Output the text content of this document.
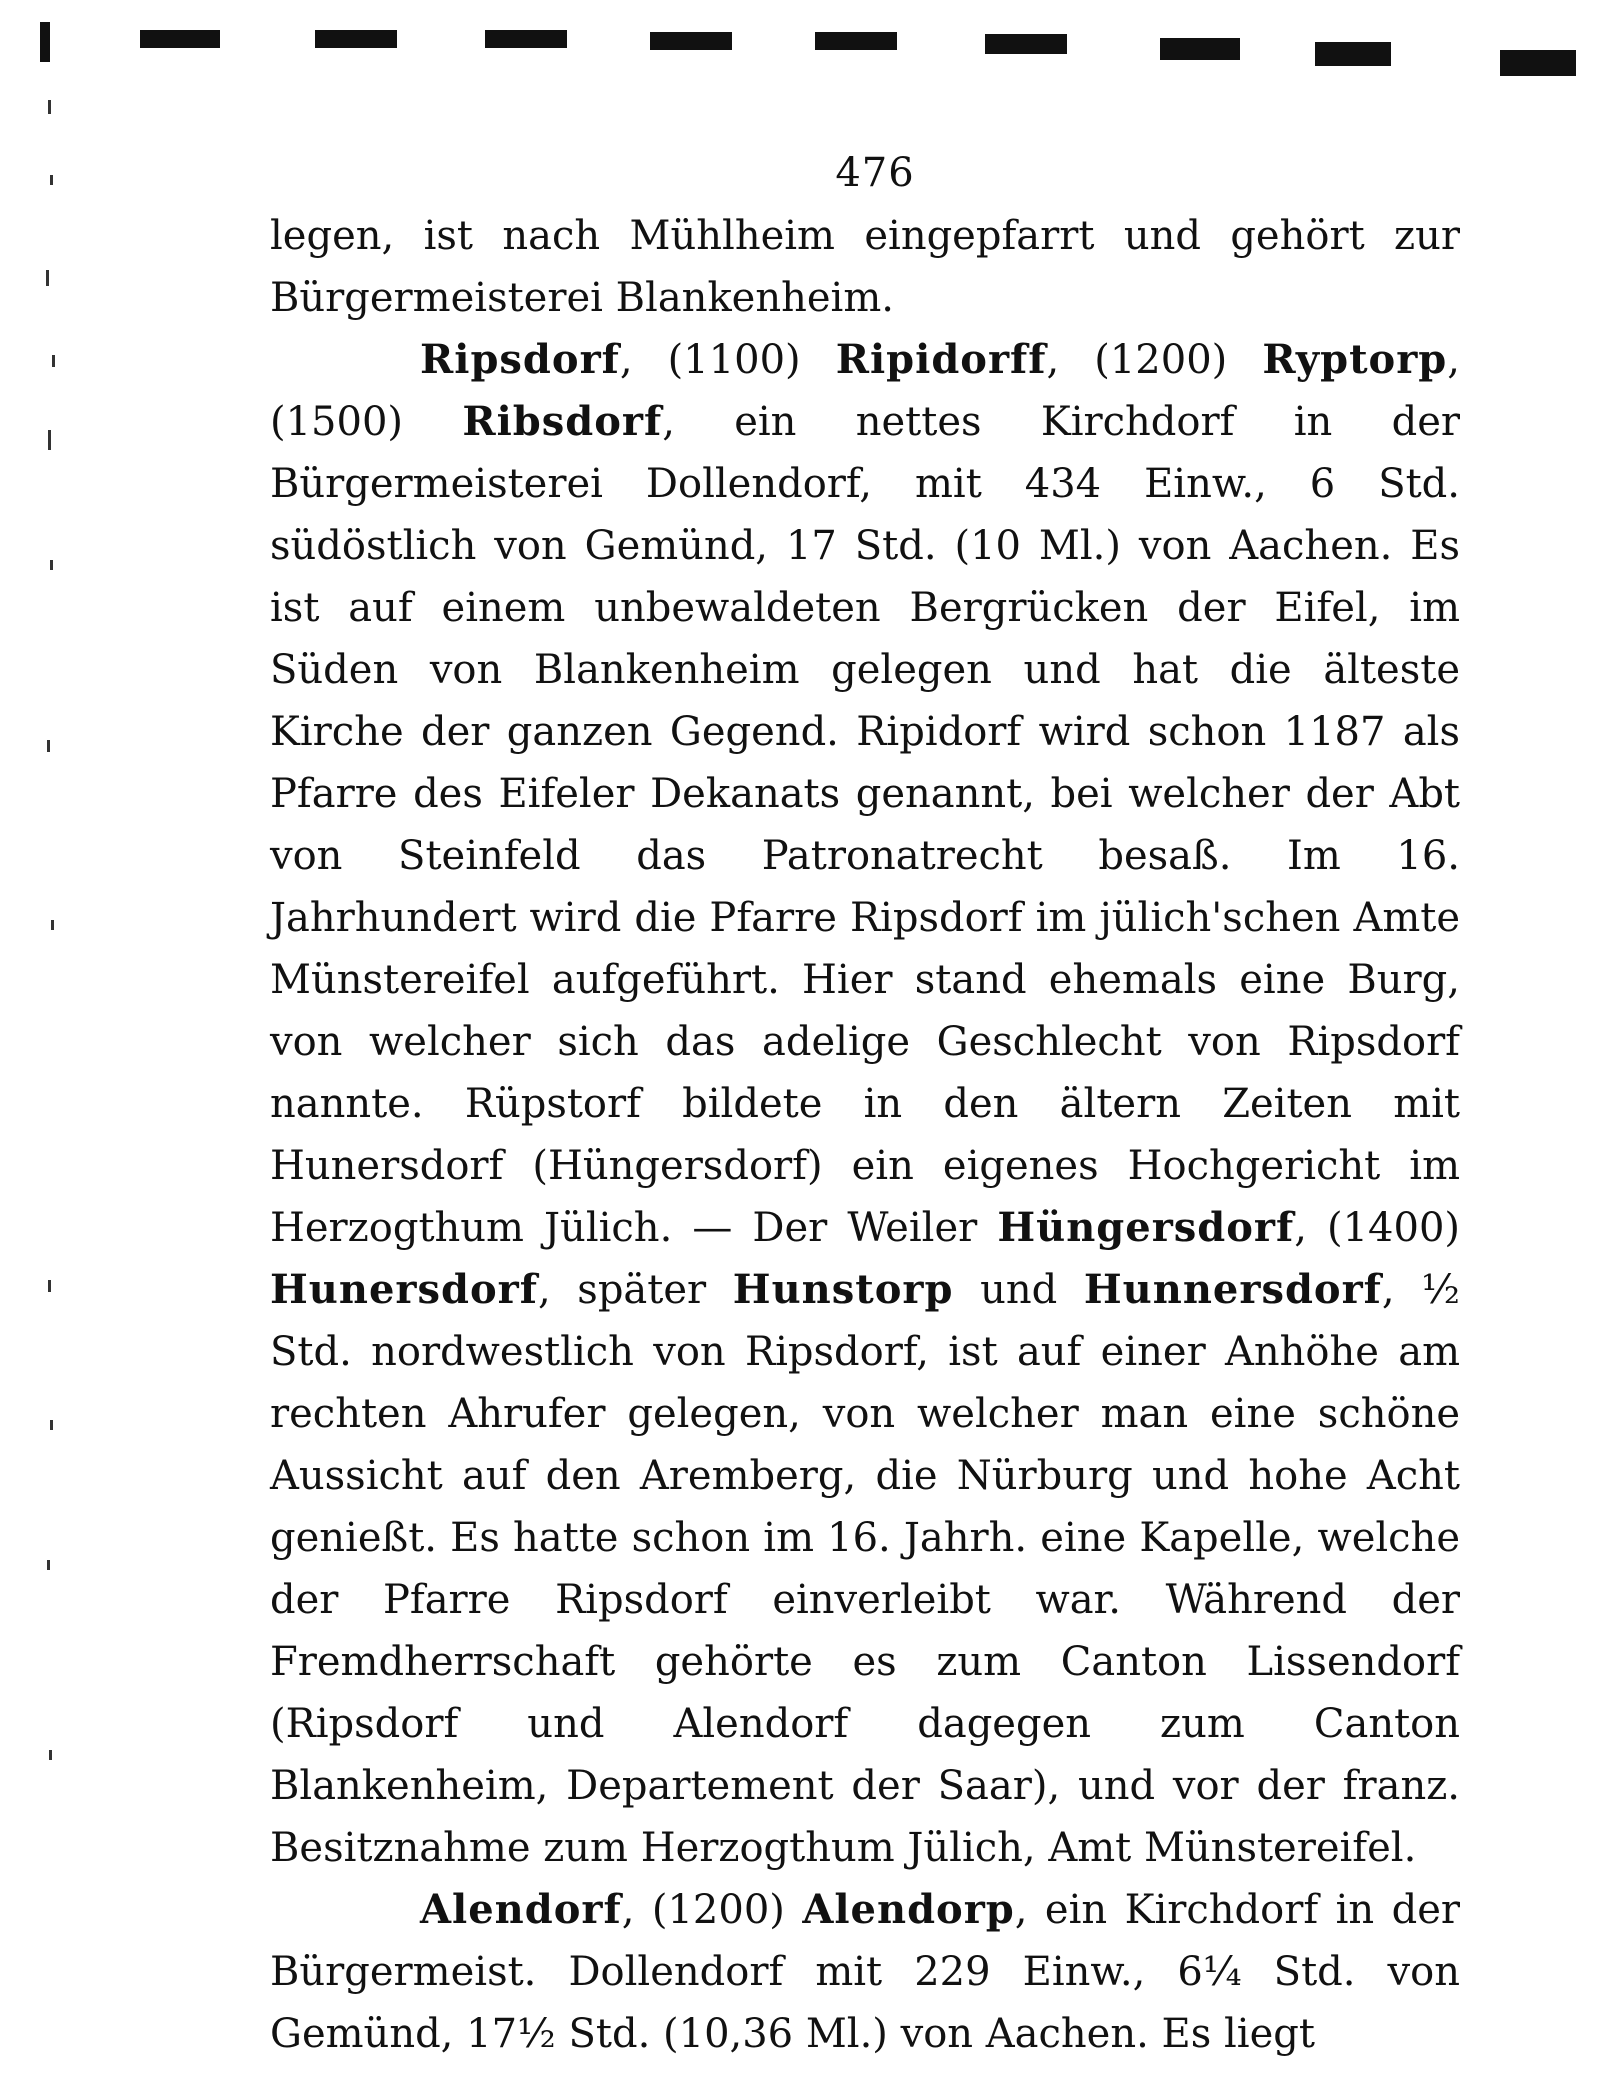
476

legen, ist nach Mühlheim eingepfarrt und gehört zur Bürgermeisterei Blankenheim.

Ripsdorf, (1100) Ripidorff, (1200) Ryptorp, (1500) Ribsdorf, ein nettes Kirchdorf in der Bürgermeisterei Dollendorf, mit 434 Einw., 6 Std. südöstlich von Gemünd, 17 Std. (10 Ml.) von Aachen. Es ist auf einem unbewaldeten Bergrücken der Eifel, im Süden von Blankenheim gelegen und hat die älteste Kirche der ganzen Gegend. Ripidorf wird schon 1187 als Pfarre des Eifeler Dekanats genannt, bei welcher der Abt von Steinfeld das Patronatrecht besaß. Im 16. Jahrhundert wird die Pfarre Ripsdorf im jülich'schen Amte Münstereifel aufgeführt. Hier stand ehemals eine Burg, von welcher sich das adelige Geschlecht von Ripsdorf nannte. Rüpstorf bildete in den ältern Zeiten mit Hunersdorf (Hüngersdorf) ein eigenes Hochgericht im Herzogthum Jülich. — Der Weiler Hüngersdorf, (1400) Hunersdorf, später Hunstorp und Hunnersdorf, ½ Std. nordwestlich von Ripsdorf, ist auf einer Anhöhe am rechten Ahrufer gelegen, von welcher man eine schöne Aussicht auf den Aremberg, die Nürburg und hohe Acht genießt. Es hatte schon im 16. Jahrh. eine Kapelle, welche der Pfarre Ripsdorf einverleibt war. Während der Fremdherrschaft gehörte es zum Canton Lissendorf (Ripsdorf und Alendorf dagegen zum Canton Blankenheim, Departement der Saar), und vor der franz. Besitznahme zum Herzogthum Jülich, Amt Münstereifel.

Alendorf, (1200) Alendorp, ein Kirchdorf in der Bürgermeist. Dollendorf mit 229 Einw., 6¼ Std. von Gemünd, 17½ Std. (10,36 Ml.) von Aachen. Es liegt
